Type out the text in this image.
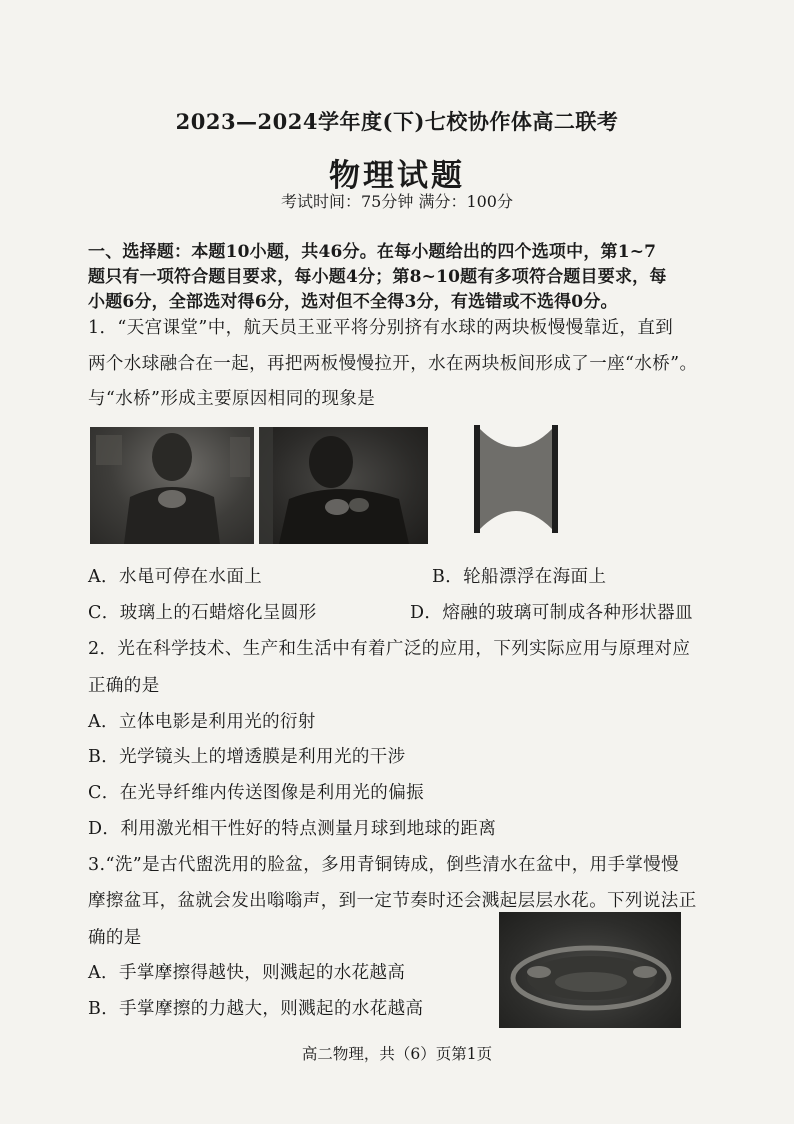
2023—2024学年度(下)七校协作体高二联考
物理试题
考试时间：75分钟 满分：100分
一、选择题：本题10小题，共46分。在每小题给出的四个选项中，第1~7
题只有一项符合题目要求，每小题4分；第8~10题有多项符合题目要求，每
小题6分，全部选对得6分，选对但不全得3分，有选错或不选得0分。
1．“天宫课堂”中，航天员王亚平将分别挤有水球的两块板慢慢靠近，直到
两个水球融合在一起，再把两板慢慢拉开，水在两块板间形成了一座“水桥”。
与“水桥”形成主要原因相同的现象是
A．水黾可停在水面上	B．轮船漂浮在海面上
C．玻璃上的石蜡熔化呈圆形	D．熔融的玻璃可制成各种形状器皿
2．光在科学技术、生产和生活中有着广泛的应用，下列实际应用与原理对应
正确的是
A．立体电影是利用光的衍射
B．光学镜头上的增透膜是利用光的干涉
C．在光导纤维内传送图像是利用光的偏振
D．利用激光相干性好的特点测量月球到地球的距离
3.“洗”是古代盥洗用的脸盆，多用青铜铸成，倒些清水在盆中，用手掌慢慢
摩擦盆耳，盆就会发出嗡嗡声，到一定节奏时还会溅起层层水花。下列说法正
确的是
A．手掌摩擦得越快，则溅起的水花越高
B．手掌摩擦的力越大，则溅起的水花越高
高二物理，共（6）页第1页
